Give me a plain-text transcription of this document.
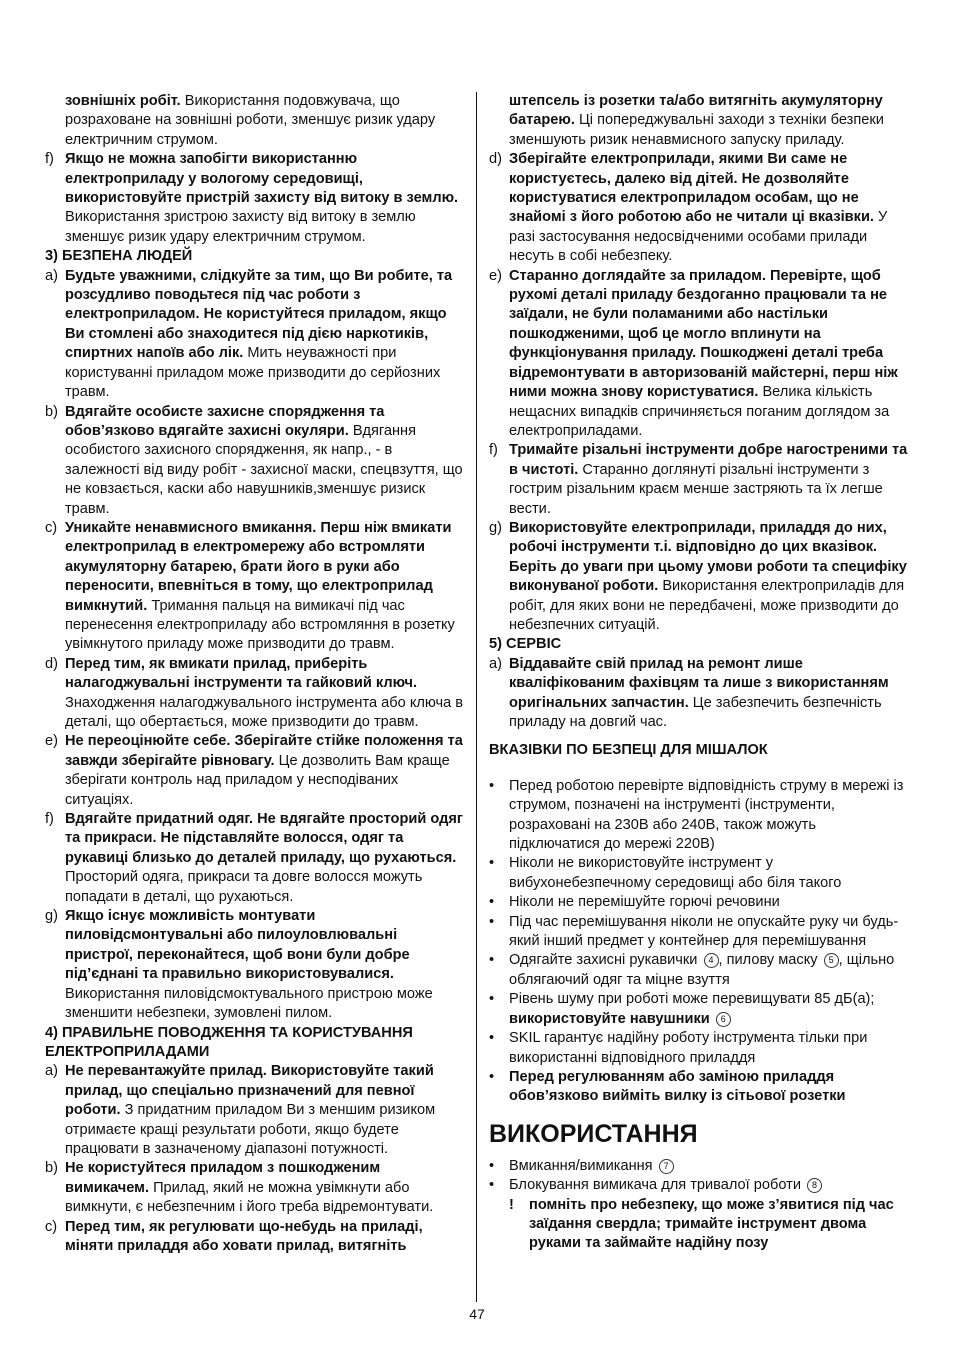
зовнішніх робіт. Використання подовжувача, що розраховане на зовнішні роботи, зменшує ризик удару електричним струмом.
f) Якщо не можна запобігти використанню електроприладу у вологому середовищі, використовуйте пристрій захисту від витоку в землю. Використання зристрою захисту від витоку в землю зменшує ризик удару електричним струмом.
3) БЕЗПЕНА ЛЮДЕЙ
a) Будьте уважними, слідкуйте за тим, що Ви робите, та розсудливо поводьтеся під час роботи з електроприладом. Не користуйтеся приладом, якщо Ви стомлені або знаходитеся під дією наркотиків, спиртних напоїв або лік. Мить неуважності при користуванні приладом може призводити до серйозних травм.
b) Вдягайте особисте захисне спорядження та обов’язково вдягайте захисні окуляри. Вдягання особистого захисного спорядження, як напр., - в залежності від виду робіт - захисної маски, спецвзуття, що не ковзається, каски або навушників,зменшує ризиск травм.
c) Уникайте ненавмисного вмикання. Перш ніж вмикати електроприлад в електромережу або встромляти акумуляторну батарею, брати його в руки або переносити, впевніться в тому, що електроприлад вимкнутий. Тримання пальця на вимикачі під час перенесення електроприладу або встромляння в розетку увімкнутого приладу може призводити до травм.
d) Перед тим, як вмикати прилад, приберіть налагоджувальні інструменти та гайковий ключ. Знаходження налагоджувального інструмента або ключа в деталі, що обертається, може призводити до травм.
e) Не переоцінюйте себе. Зберігайте стійке положення та завжди зберігайте рівновагу. Це дозволить Вам краще зберігати контроль над приладом у несподіваних ситуаціях.
f) Вдягайте придатний одяг. Не вдягайте просторий одяг та прикраси. Не підставляйте волосся, одяг та рукавиці близько до деталей приладу, що рухаються. Просторий одяга, прикраси та довге волосся можуть попадати в деталі, що рухаються.
g) Якщо існує можливість монтувати пиловідсмонтувальні або пилоуловлювальні пристрої, переконайтеся, щоб вони були добре під’єднані та правильно використовувалися. Використання пиловідсмоктувального пристрою може зменшити небезпеки, зумовлені пилом.
4) ПРАВИЛЬНЕ ПОВОДЖЕННЯ ТА КОРИСТУВАННЯ ЕЛЕКТРОПРИЛАДАМИ
a) Не перевантажуйте прилад. Використовуйте такий прилад, що спеціально призначений для певної роботи. З придатним приладом Ви з меншим ризиком отримаєте кращі результати роботи, якщо будете працювати в зазначеному діапазоні потужності.
b) Не користуйтеся приладом з пошкодженим вимикачем. Прилад, який не можна увімкнути або вимкнути, є небезпечним і його треба відремонтувати.
c) Перед тим, як регулювати що-небудь на приладі, міняти приладдя або ховати прилад, витягніть
штепсель із розетки та/або витягніть акумуляторну батарею. Ці попереджувальні заходи з техніки безпеки зменшують ризик ненавмисного запуску приладу.
d) Зберігайте електроприлади, якими Ви саме не користуєтесь, далеко від дітей. Не дозволяйте користуватися електроприладом особам, що не знайомі з його роботою або не читали ці вказівки. У разі застосування недосвідченими особами прилади несуть в собі небезпеку.
e) Старанно доглядайте за приладом. Перевірте, щоб рухомі деталі приладу бездоганно працювали та не заїдали, не були поламаними або настільки пошкодженими, щоб це могло вплинути на функціонування приладу. Пошкоджені деталі треба відремонтувати в авторизованій майстерні, перш ніж ними можна знову користуватися. Велика кількість нещасних випадків спричиняється поганим доглядом за електроприладами.
f) Тримайте різальні інструменти добре нагостреними та в чистоті. Старанно доглянуті різальні інструменти з гострим різальним краєм менше застряють та їх легше вести.
g) Використовуйте електроприлади, приладдя до них, робочі інструменти т.і. відповідно до цих вказівок. Беріть до уваги при цьому умови роботи та специфіку виконуваної роботи. Використання електроприладів для робіт, для яких вони не передбачені, може призводити до небезпечних ситуацій.
5) СЕРВІС
a) Віддавайте свій прилад на ремонт лише кваліфікованим фахівцям та лише з використанням оригінальних запчастин. Це забезпечить безпечність приладу на довгий час.
ВКАЗІВКИ ПО БЕЗПЕЦІ ДЛЯ МІШАЛОК
•	Перед роботою перевірте відповідність струму в мережі із струмом, позначені на інструменті (інструменти, розраховані на 230В або 240В, також можуть підключатися до мережі 220В)
•	Ніколи не використовуйте інструмент у вибухонебезпечному середовищі або біля такого
•	Ніколи не перемішуйте горючі речовини
•	Під час перемішування ніколи не опускайте руку чи будь-який інший предмет у контейнер для перемішування
•	Одягайте захисні рукавички 4 , пилову маску 5 , щільно облягаючий одяг та міцне взуття
•	Рівень шуму при роботі може перевищувати 85 дБ(а); використовуйте навушники 6
•	SKIL гарантує надійну роботу інструмента тільки при використанні відповідного приладдя
•	Перед регулюванням або заміною приладдя обов’язково вийміть вилку із сітьової розетки
ВИКОРИСТАННЯ
•	Вмикання/вимикання 7
•	Блокування вимикача для тривалої роботи 8
!	помніть про небезпеку, що може з’явитися під час заїдання свердла; тримайте інструмент двома руками та займайте надійну позу
47
